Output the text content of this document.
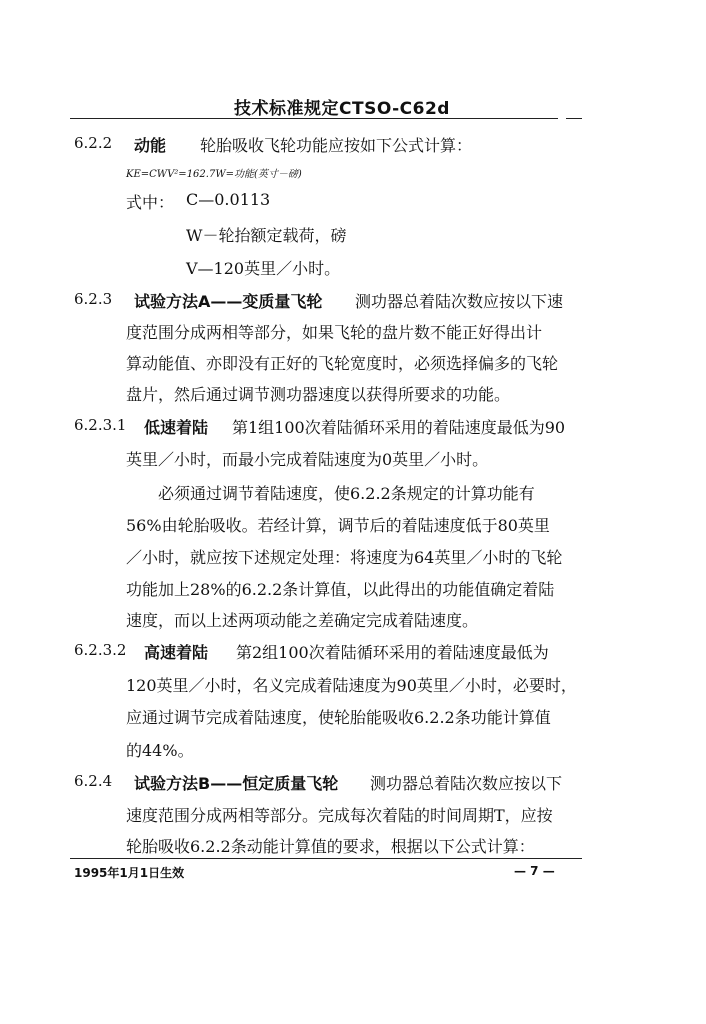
技术标准规定CTSO-C62d
6.2.2 动能 轮胎吸收飞轮功能应按如下公式计算：
KE=CWV²=162.7W=功能(英寸－磅)
式中： C—0.0113
W－轮抬额定载荷，磅
V—120英里／小时。
6.2.3 试验方法A——变质量飞轮 测功器总着陆次数应按以下速
度范围分成两相等部分，如果飞轮的盘片数不能正好得出计
算动能值、亦即没有正好的飞轮宽度时，必须选择偏多的飞轮
盘片，然后通过调节测功器速度以获得所要求的功能。
6.2.3.1 低速着陆 第1组100次着陆循环采用的着陆速度最低为90
英里／小时，而最小完成着陆速度为0英里／小时。
必须通过调节着陆速度，使6.2.2条规定的计算功能有
56%由轮胎吸收。若经计算，调节后的着陆速度低于80英里
／小时，就应按下述规定处理：将速度为64英里／小时的飞轮
功能加上28%的6.2.2条计算值，以此得出的功能值确定着陆
速度，而以上述两项动能之差确定完成着陆速度。
6.2.3.2 高速着陆 第2组100次着陆循环采用的着陆速度最低为
120英里／小时，名义完成着陆速度为90英里／小时，必要时，
应通过调节完成着陆速度，使轮胎能吸收6.2.2条功能计算值
的44%。
6.2.4 试验方法B——恒定质量飞轮 测功器总着陆次数应按以下
速度范围分成两相等部分。完成每次着陆的时间周期T，应按
轮胎吸收6.2.2条动能计算值的要求，根据以下公式计算：
1995年1月1日生效	— 7 —
